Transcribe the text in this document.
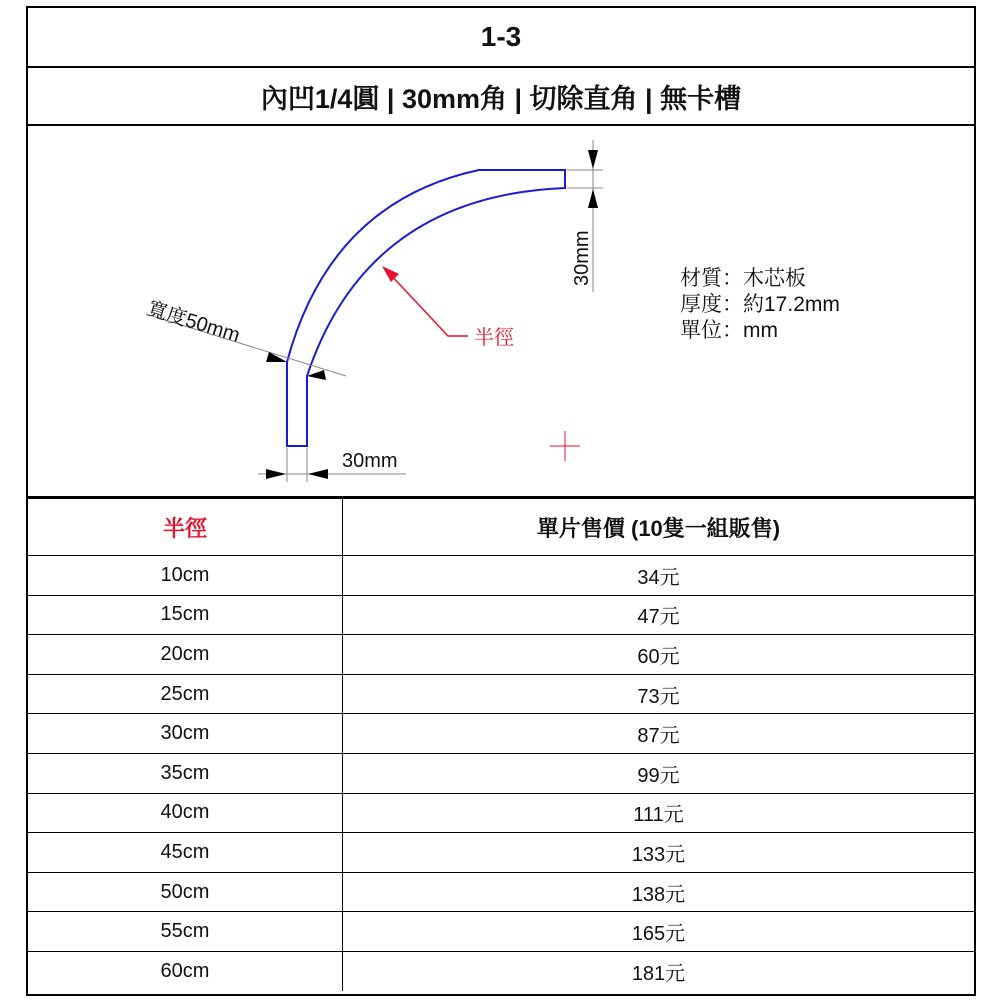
1-3
內凹1/4圓 | 30mm角 | 切除直角 | 無卡槽
寬度50mm
30mm
30mm
半徑
材質：木芯板
厚度：約17.2mm
單位：mm
半徑	單片售價 (10隻一組販售)
10cm	34元
15cm	47元
20cm	60元
25cm	73元
30cm	87元
35cm	99元
40cm	111元
45cm	133元
50cm	138元
55cm	165元
60cm	181元
